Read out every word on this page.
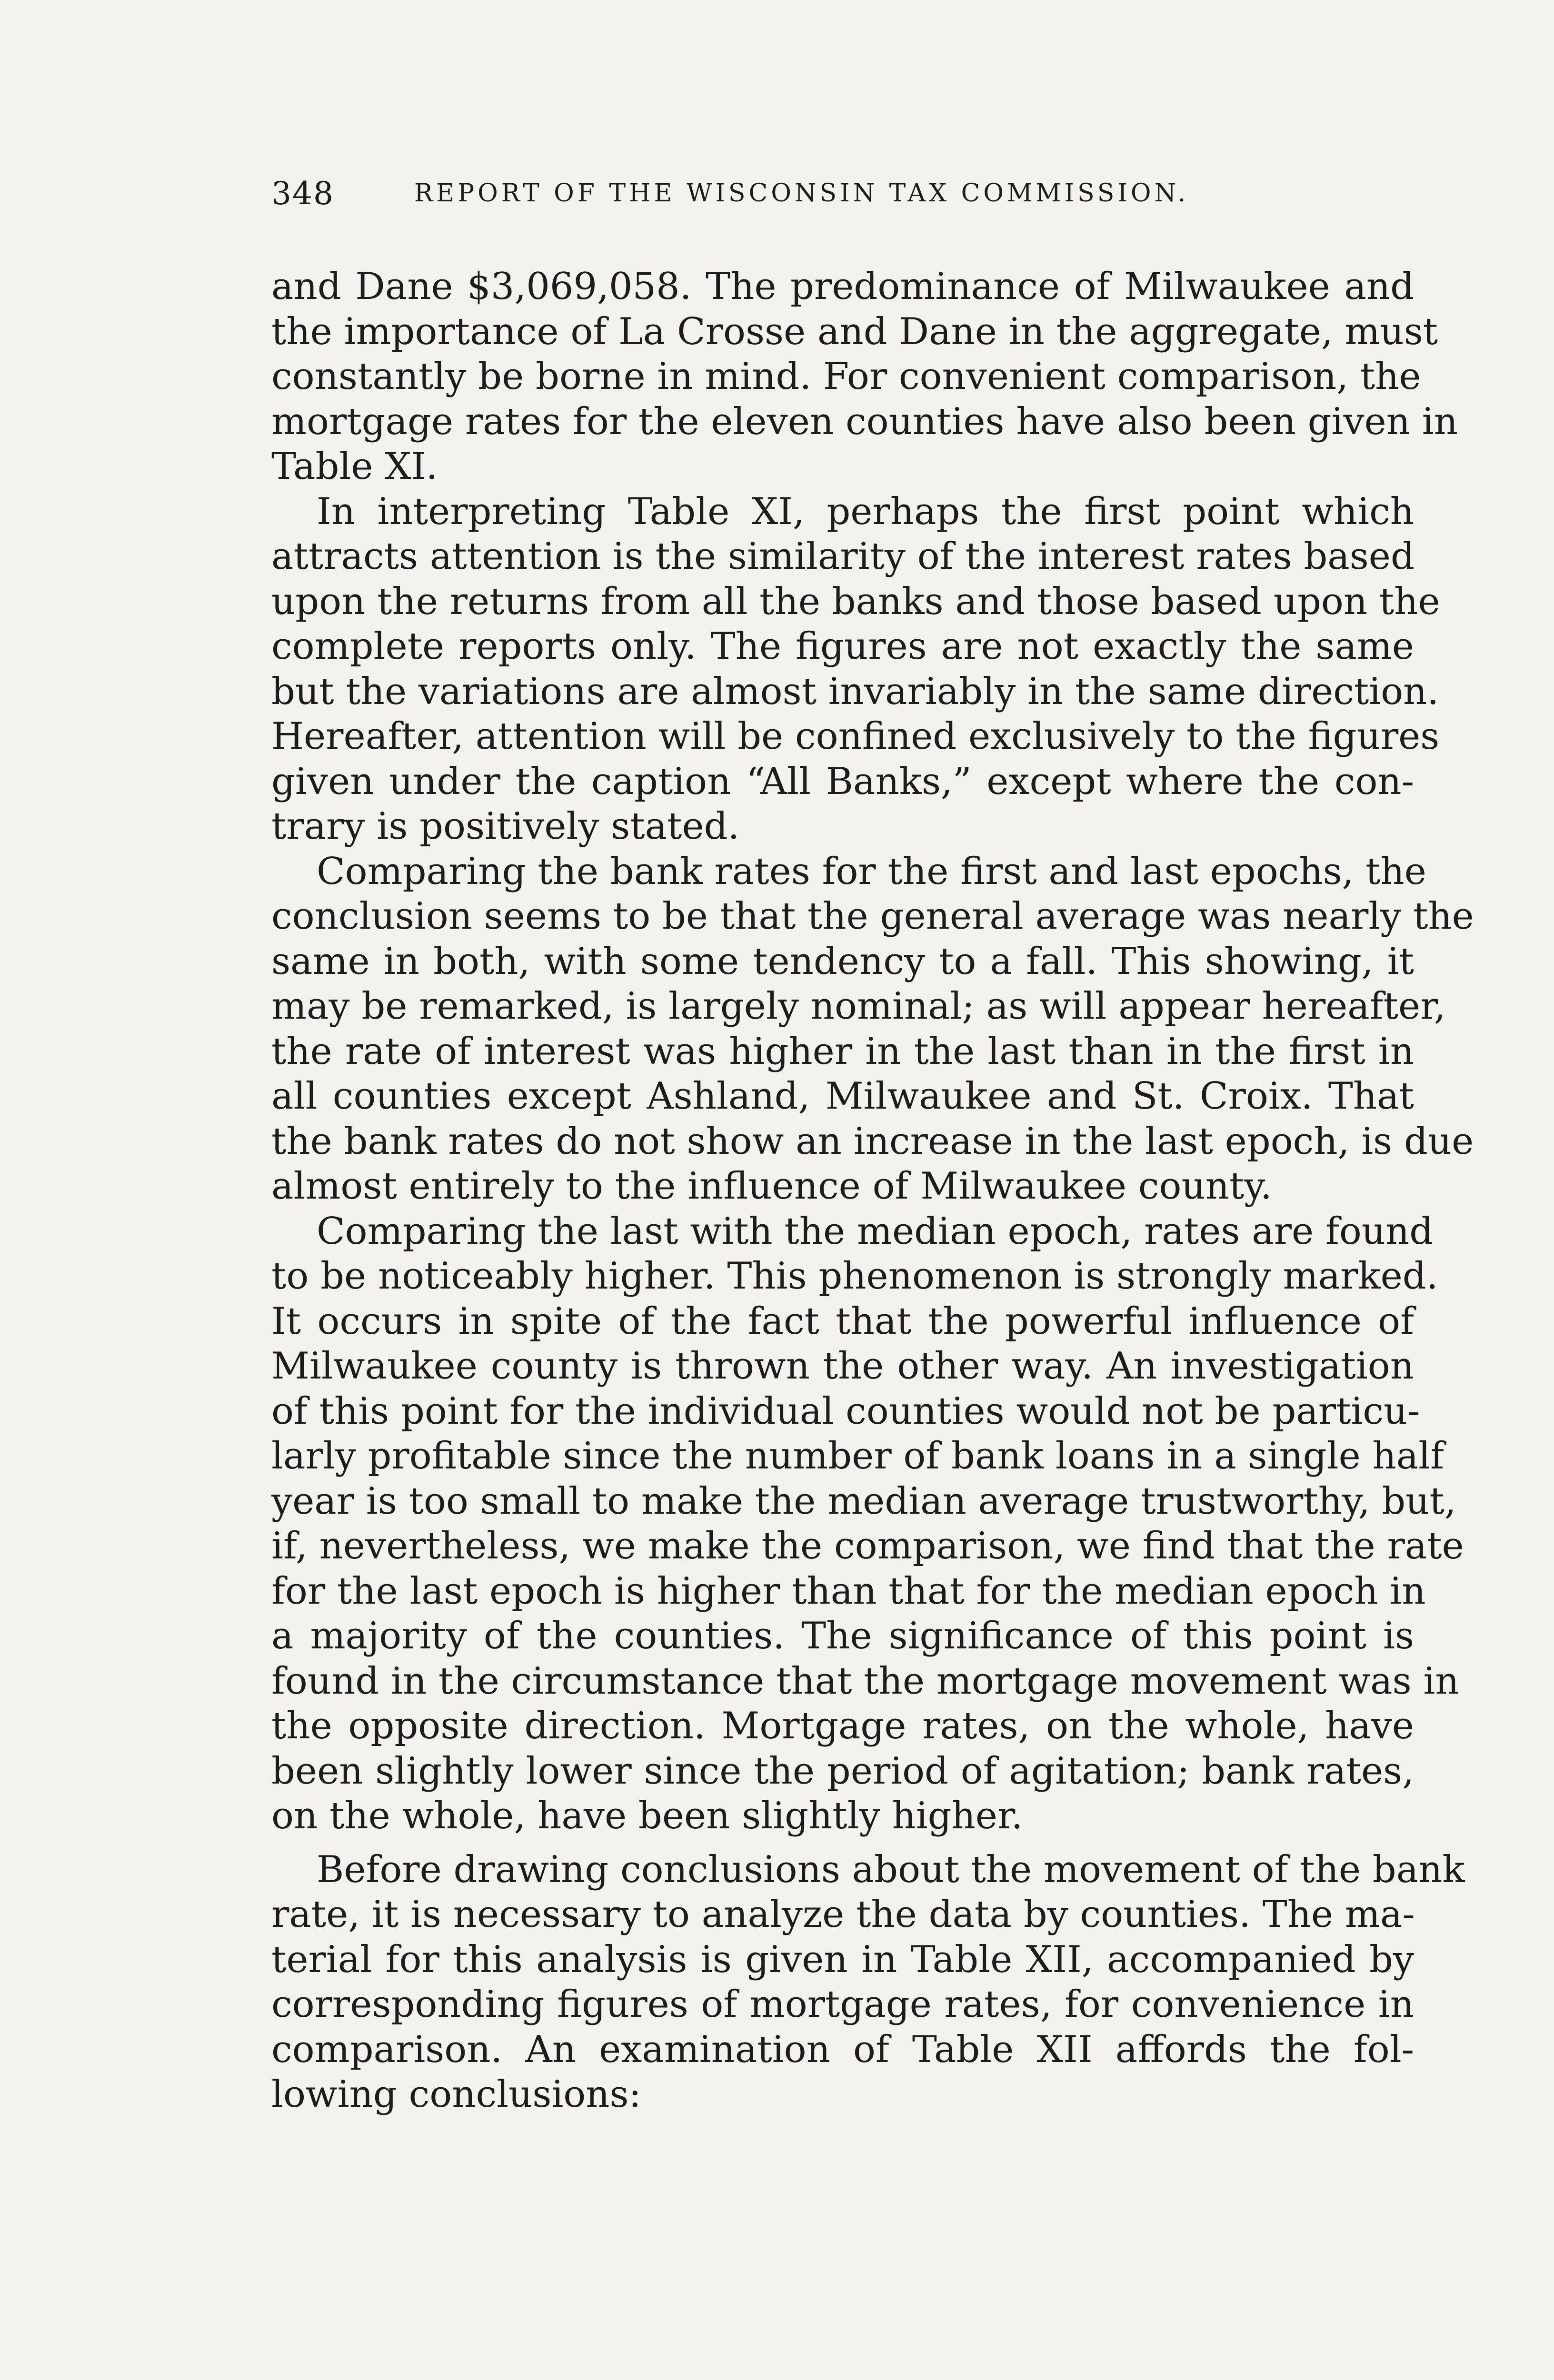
348	REPORT OF THE WISCONSIN TAX COMMISSION.
and Dane $3,069,058. The predominance of Milwaukee and
the importance of La Crosse and Dane in the aggregate, must
constantly be borne in mind. For convenient comparison, the
mortgage rates for the eleven counties have also been given in
Table XI.
In interpreting Table XI, perhaps the first point which
attracts attention is the similarity of the interest rates based
upon the returns from all the banks and those based upon the
complete reports only. The figures are not exactly the same
but the variations are almost invariably in the same direction.
Hereafter, attention will be confined exclusively to the figures
given under the caption “All Banks,” except where the con-
trary is positively stated.
Comparing the bank rates for the first and last epochs, the
conclusion seems to be that the general average was nearly the
same in both, with some tendency to a fall. This showing, it
may be remarked, is largely nominal; as will appear hereafter,
the rate of interest was higher in the last than in the first in
all counties except Ashland, Milwaukee and St. Croix. That
the bank rates do not show an increase in the last epoch, is due
almost entirely to the influence of Milwaukee county.
Comparing the last with the median epoch, rates are found
to be noticeably higher. This phenomenon is strongly marked.
It occurs in spite of the fact that the powerful influence of
Milwaukee county is thrown the other way. An investigation
of this point for the individual counties would not be particu-
larly profitable since the number of bank loans in a single half
year is too small to make the median average trustworthy, but,
if, nevertheless, we make the comparison, we find that the rate
for the last epoch is higher than that for the median epoch in
a majority of the counties. The significance of this point is
found in the circumstance that the mortgage movement was in
the opposite direction. Mortgage rates, on the whole, have
been slightly lower since the period of agitation; bank rates,
on the whole, have been slightly higher.
Before drawing conclusions about the movement of the bank
rate, it is necessary to analyze the data by counties. The ma-
terial for this analysis is given in Table XII, accompanied by
corresponding figures of mortgage rates, for convenience in
comparison. An examination of Table XII affords the fol-
lowing conclusions:
